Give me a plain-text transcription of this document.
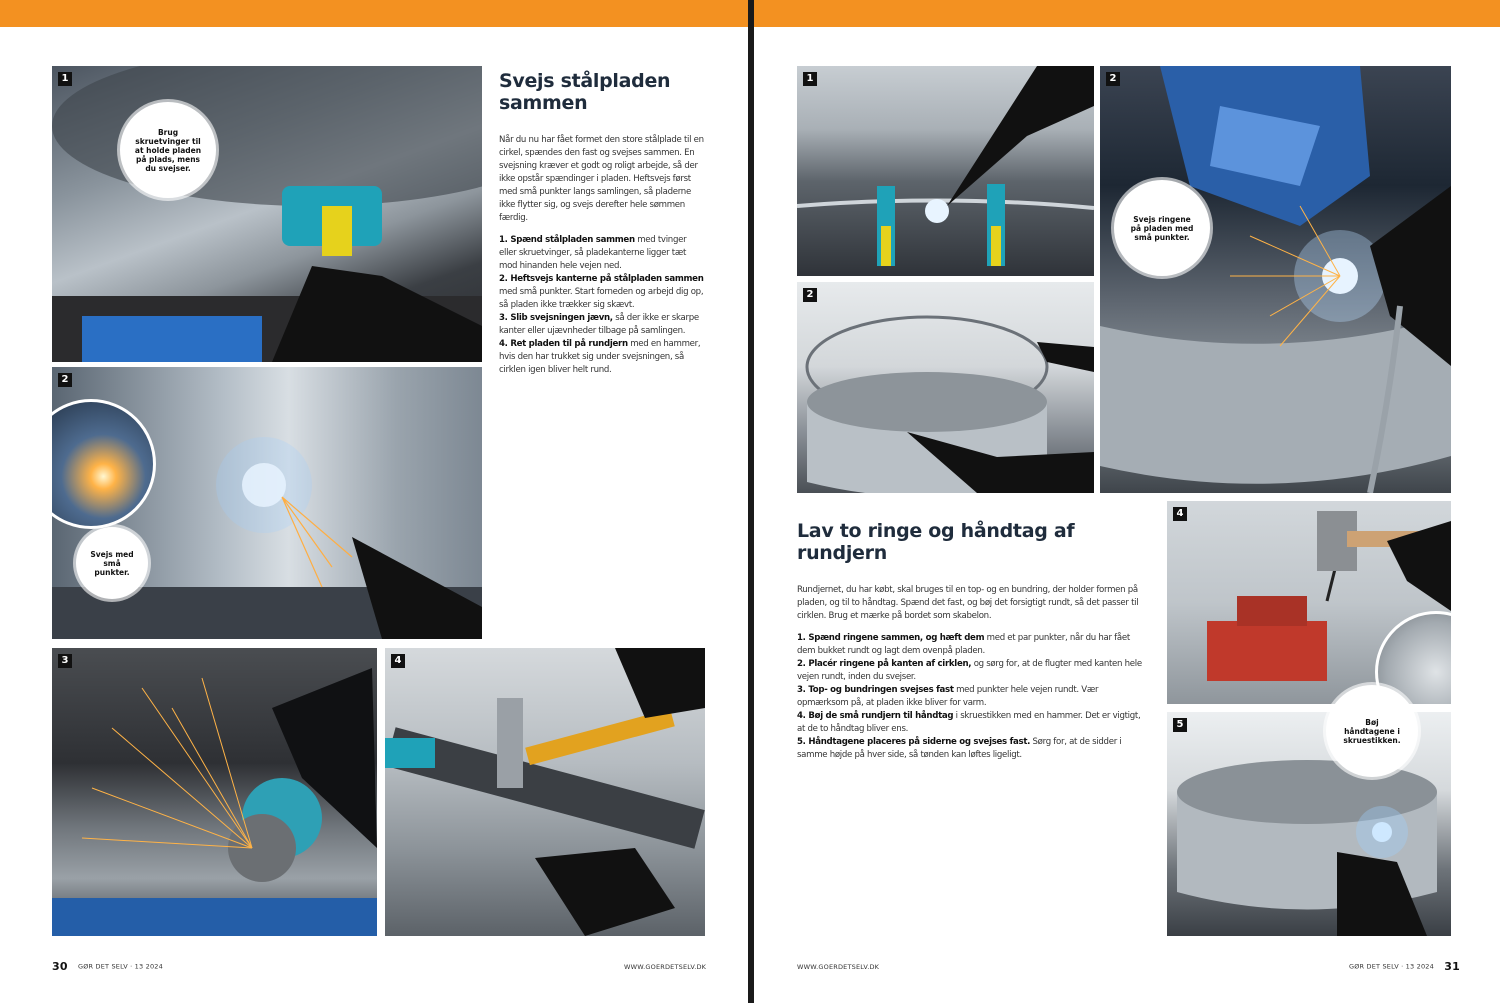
1
Brug skruetvinger til at holde pladen på plads, mens du svejser.
2
Svejs med små punkter.
3	4
Svejs stålpladen sammen

Når du nu har fået formet den store stålplade til en cirkel, spændes den fast og svejses sammen. En svejsning kræver et godt og roligt arbejde, så der ikke opstår spændinger i pladen. Heftsvejs først med små punkter langs samlingen, så pladerne ikke flytter sig, og svejs derefter hele sømmen færdig.

1. Spænd stålpladen sammen med tvinger eller skruetvinger, så pladekanterne ligger tæt mod hinanden hele vejen ned.
2. Heftsvejs kanterne på stålpladen sammen med små punkter. Start forneden og arbejd dig op, så pladen ikke trækker sig skævt.
3. Slib svejsningen jævn, så der ikke er skarpe kanter eller ujævnheder tilbage på samlingen.
4. Ret pladen til på rundjern med en hammer, hvis den har trukket sig under svejsningen, så cirklen igen bliver helt rund.
30 GØR DET SELV · 13 2024	WWW.GOERDETSELV.DK
1
2
2
Svejs ringene på pladen med små punkter.
4
5	Bøj håndtagene i skruestikken.
Lav to ringe og håndtag af rundjern

Rundjernet, du har købt, skal bruges til en top- og en bundring, der holder formen på pladen, og til to håndtag. Spænd det fast, og bøj det forsigtigt rundt, så det passer til cirklen. Brug et mærke på bordet som skabelon.

1. Spænd ringene sammen, og hæft dem med et par punkter, når du har fået dem bukket rundt og lagt dem ovenpå pladen.
2. Placér ringene på kanten af cirklen, og sørg for, at de flugter med kanten hele vejen rundt, inden du svejser.
3. Top- og bundringen svejses fast med punkter hele vejen rundt. Vær opmærksom på, at pladen ikke bliver for varm.
4. Bøj de små rundjern til håndtag i skruestikken med en hammer. Det er vigtigt, at de to håndtag bliver ens.
5. Håndtagene placeres på siderne og svejses fast. Sørg for, at de sidder i samme højde på hver side, så tønden kan løftes ligeligt.
WWW.GOERDETSELV.DK	GØR DET SELV · 13 2024 31
